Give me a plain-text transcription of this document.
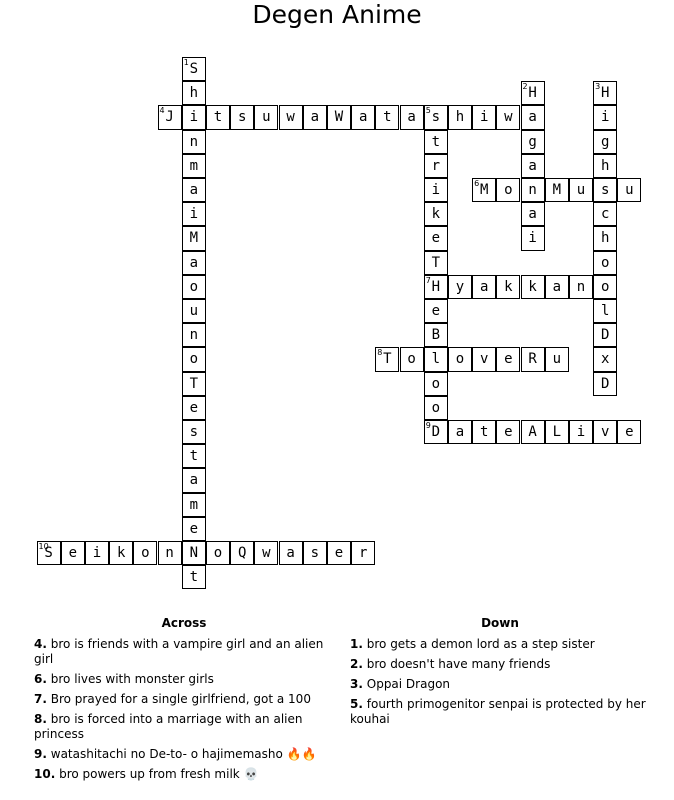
Degen Anime
S
1
h
i
n
m
a
i
M
a
o
u
n
o
T
e
s
t
a
m
e
N
t
H
2
a
g
a
n
a
i
H
3
i
g
h
s
c
h
o
o
l
D
x
D
s
5
t
r
i
k
e
T
H
7
e
B
l
o
o
D
9
J
4	t s u w a W a t a	h i w
M
6 o	M u	u
y a k k a n
T
8 o	o v e R u
a t e A L i v e
S
10 e i k o n	o Q w a s e r
Across
4. bro is friends with a vampire girl and an alien girl
6. bro lives with monster girls
7. Bro prayed for a single girlfriend, got a 100
8. bro is forced into a marriage with an alien princess
9. watashitachi no De-to- o hajimemasho 🔥🔥
10. bro powers up from fresh milk 💀
Down
1. bro gets a demon lord as a step sister
2. bro doesn't have many friends
3. Oppai Dragon
5. fourth primogenitor senpai is protected by her kouhai
